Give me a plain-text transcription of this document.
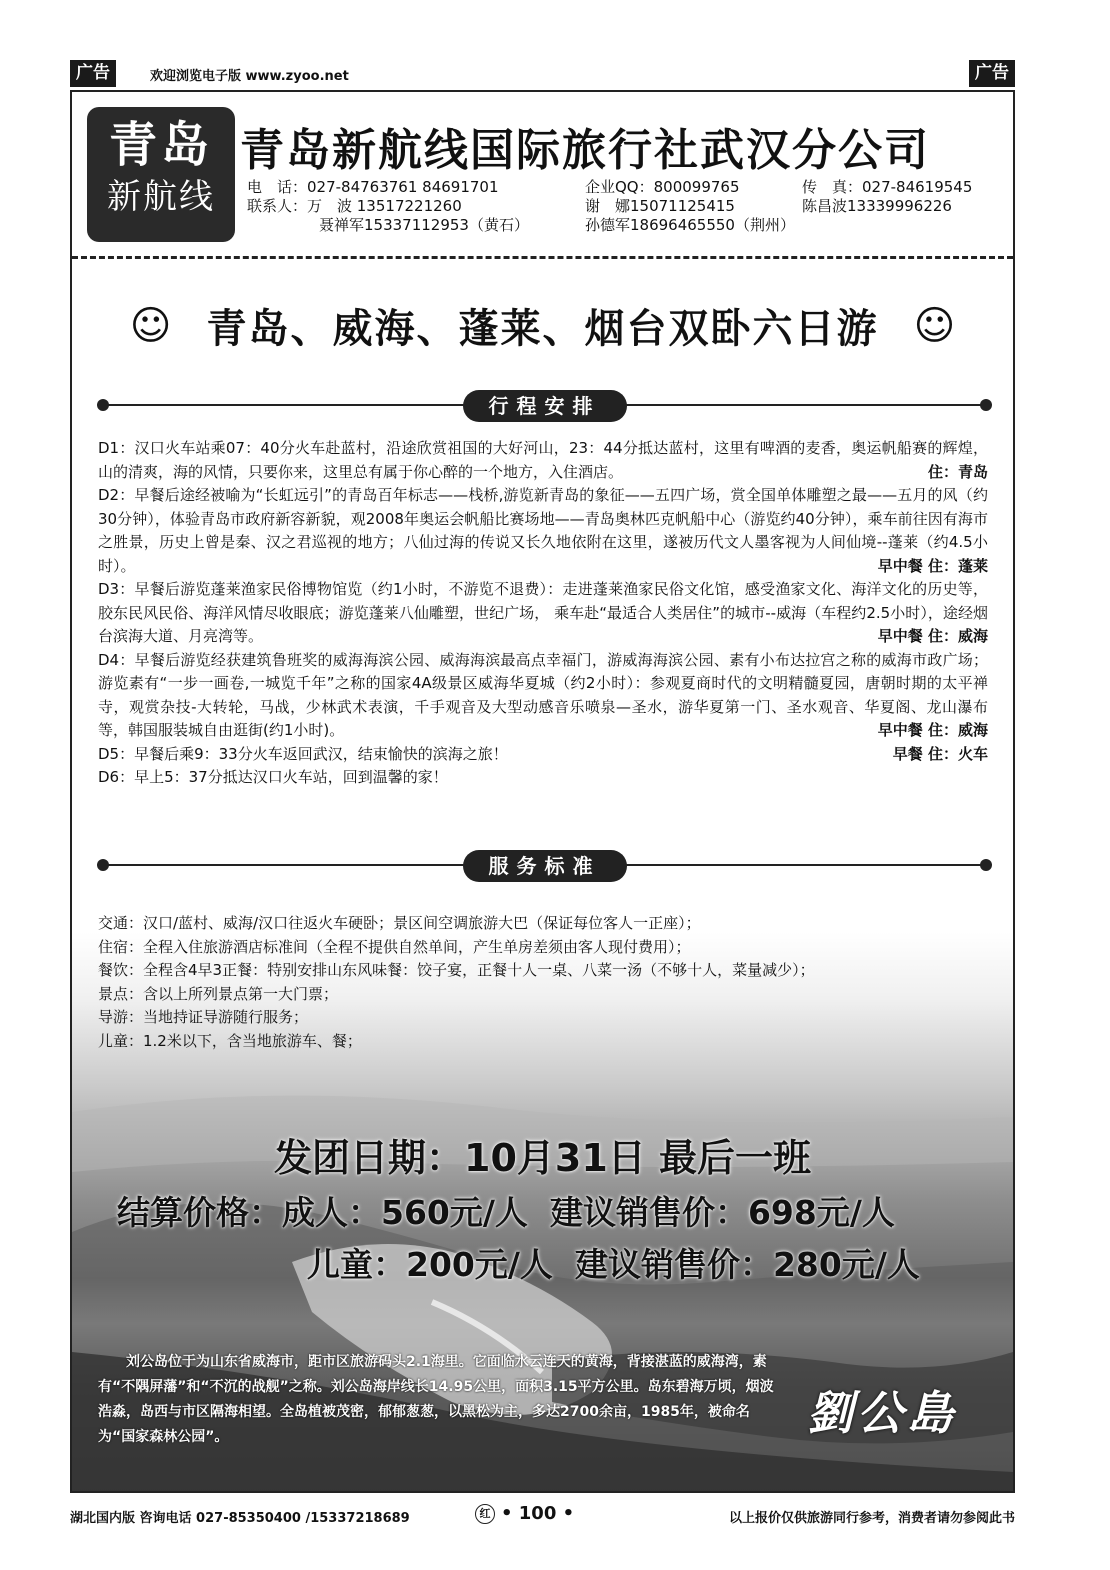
广告	欢迎浏览电子版 www.zyoo.net	广告
青岛
新航线
青岛新航线国际旅行社武汉分公司
电　话：027-84763761 84691701	企业QQ：800099765	传　真：027-84619545
联系人：万　波 13517221260	谢　娜15071125415	陈昌波13339996226
聂禅军15337112953（黄石）	孙德军18696465550（荆州）
☺ 青岛、威海、蓬莱、烟台双卧六日游 ☺
行程安排

D1：汉口火车站乘07：40分火车赴蓝村，沿途欣赏祖国的大好河山，23：44分抵达蓝村，这里有啤酒的麦香，奥运帆船赛的辉煌，山的清爽，海的风情，只要你来，这里总有属于你心醉的一个地方，入住酒店。	住：青岛

D2：早餐后途经被喻为“长虹远引”的青岛百年标志——栈桥,游览新青岛的象征——五四广场，赏全国单体雕塑之最——五月的风（约30分钟），体验青岛市政府新容新貌，观2008年奥运会帆船比赛场地——青岛奥林匹克帆船中心（游览约40分钟），乘车前往因有海市之胜景，历史上曾是秦、汉之君巡视的地方；八仙过海的传说又长久地依附在这里，遂被历代文人墨客视为人间仙境--蓬莱（约4.5小时）。	早中餐 住：蓬莱

D3：早餐后游览蓬莱渔家民俗博物馆览（约1小时，不游览不退费）：走进蓬莱渔家民俗文化馆，感受渔家文化、海洋文化的历史等，胶东民风民俗、海洋风情尽收眼底；游览蓬莱八仙雕塑，世纪广场， 乘车赴“最适合人类居住”的城市--威海（车程约2.5小时），途经烟台滨海大道、月亮湾等。	早中餐 住：威海

D4：早餐后游览经获建筑鲁班奖的威海海滨公园、威海海滨最高点幸福门，游威海海滨公园、素有小布达拉宫之称的威海市政广场；游览素有“一步一画卷,一城览千年”之称的国家4A级景区威海华夏城（约2小时）：参观夏商时代的文明精髓夏园，唐朝时期的太平禅寺，观赏杂技-大转轮，马战，少林武术表演，千手观音及大型动感音乐喷泉—圣水，游华夏第一门、圣水观音、华夏阁、龙山瀑布等，韩国服装城自由逛街(约1小时)。	早中餐 住：威海

D5：早餐后乘9：33分火车返回武汉，结束愉快的滨海之旅！	早餐 住：火车

D6：早上5：37分抵达汉口火车站，回到温馨的家！

服务标准
交通：汉口/蓝村、威海/汉口往返火车硬卧；景区间空调旅游大巴（保证每位客人一正座）；
住宿：全程入住旅游酒店标准间（全程不提供自然单间，产生单房差须由客人现付费用）；
餐饮：全程含4早3正餐：特别安排山东风味餐：饺子宴，正餐十人一桌、八菜一汤（不够十人，菜量减少）；
景点：含以上所列景点第一大门票；
导游：当地持证导游随行服务；
儿童：1.2米以下，含当地旅游车、餐；
发团日期：10月31日 最后一班
结算价格：成人：560元/人 建议销售价：698元/人
儿童：200元/人 建议销售价：280元/人
刘公岛位于为山东省威海市，距市区旅游码头2.1海里。它面临水云连天的黄海，背接湛蓝的威海湾，素有“不隅屏藩”和“不沉的战舰”之称。刘公岛海岸线长14.95公里，面积3.15平方公里。岛东碧海万顷，烟波浩淼，岛西与市区隔海相望。全岛植被茂密，郁郁葱葱，以黑松为主，多达2700余亩，1985年，被命名为“国家森林公园”。	劉公島
湖北国内版 咨询电话 027-85350400 /15337218689	红 • 100 •	以上报价仅供旅游同行参考，消费者请勿参阅此书
